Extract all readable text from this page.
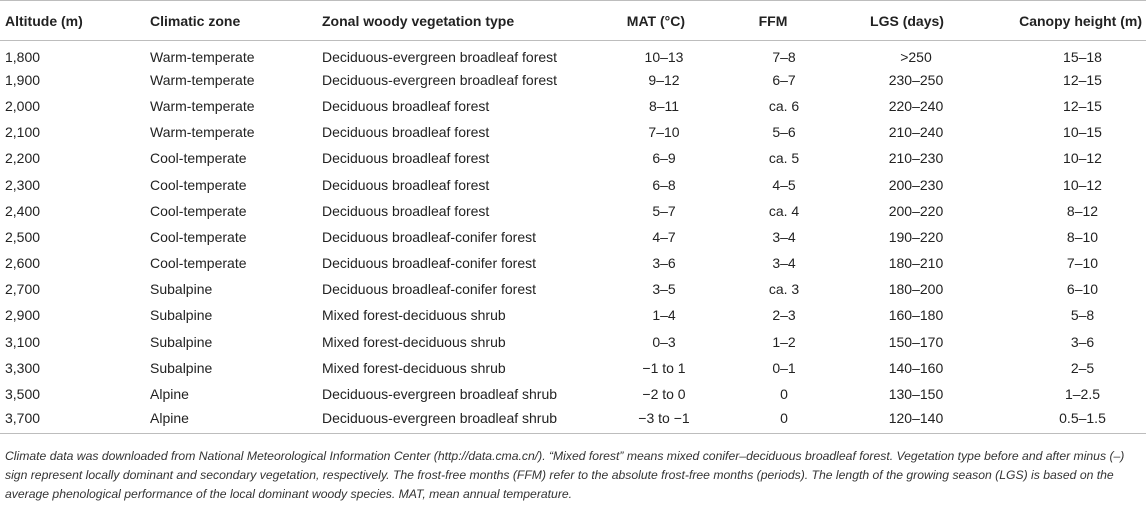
Altitude (m)	Climatic zone	Zonal woody vegetation type	MAT (°C)	FFM	LGS (days)	Canopy height (m)
1,800	Warm-temperate	Deciduous-evergreen broadleaf forest	10–13	7–8	>250	15–18
1,900	Warm-temperate	Deciduous-evergreen broadleaf forest	9–12	6–7	230–250	12–15
2,000	Warm-temperate	Deciduous broadleaf forest	8–11	ca. 6	220–240	12–15
2,100	Warm-temperate	Deciduous broadleaf forest	7–10	5–6	210–240	10–15
2,200	Cool-temperate	Deciduous broadleaf forest	6–9	ca. 5	210–230	10–12
2,300	Cool-temperate	Deciduous broadleaf forest	6–8	4–5	200–230	10–12
2,400	Cool-temperate	Deciduous broadleaf forest	5–7	ca. 4	200–220	8–12
2,500	Cool-temperate	Deciduous broadleaf-conifer forest	4–7	3–4	190–220	8–10
2,600	Cool-temperate	Deciduous broadleaf-conifer forest	3–6	3–4	180–210	7–10
2,700	Subalpine	Deciduous broadleaf-conifer forest	3–5	ca. 3	180–200	6–10
2,900	Subalpine	Mixed forest-deciduous shrub	1–4	2–3	160–180	5–8
3,100	Subalpine	Mixed forest-deciduous shrub	0–3	1–2	150–170	3–6
3,300	Subalpine	Mixed forest-deciduous shrub	−1 to 1	0–1	140–160	2–5
3,500	Alpine	Deciduous-evergreen broadleaf shrub	−2 to 0	0	130–150	1–2.5
3,700	Alpine	Deciduous-evergreen broadleaf shrub	−3 to −1	0	120–140	0.5–1.5
Climate data was downloaded from National Meteorological Information Center (http://data.cma.cn/). “Mixed forest” means mixed conifer–deciduous broadleaf forest. Vegetation type before and after minus (–) sign represent locally dominant and secondary vegetation, respectively. The frost-free months (FFM) refer to the absolute frost-free months (periods). The length of the growing season (LGS) is based on the average phenological performance of the local dominant woody species. MAT, mean annual temperature.
